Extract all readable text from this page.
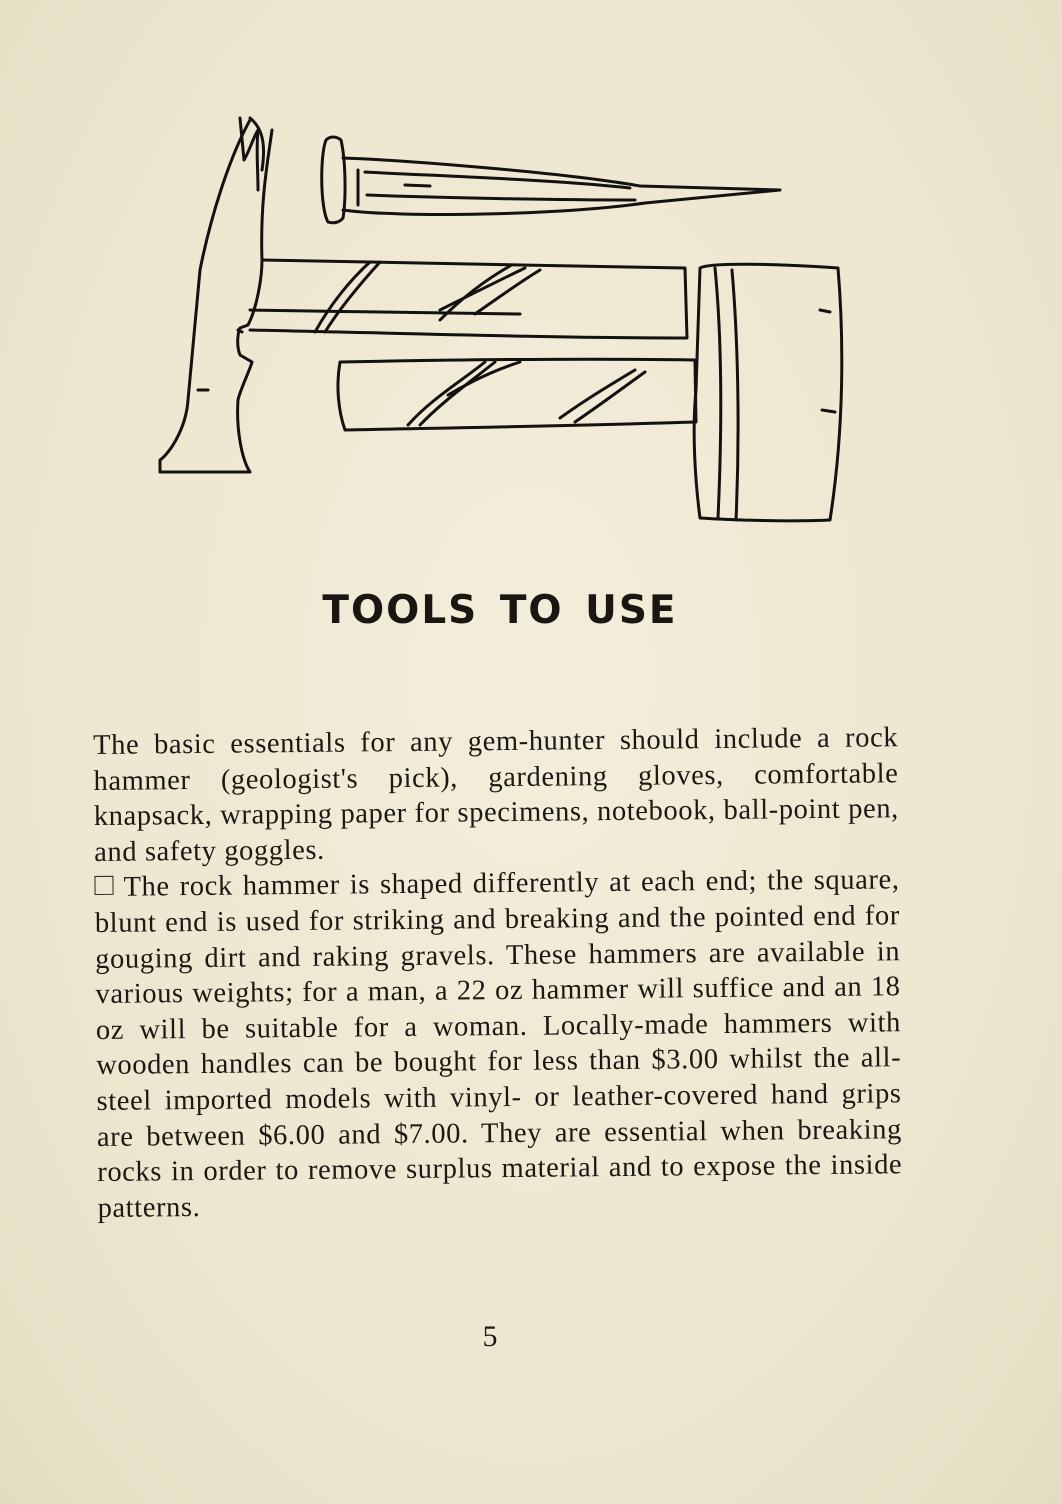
TOOLS TO USE

The basic essentials for any gem-hunter should include a rock hammer (geologist's pick), gardening gloves, comfortable knapsack, wrapping paper for specimens, notebook, ball-point pen, and safety goggles.

The rock hammer is shaped differently at each end; the square, blunt end is used for striking and breaking and the pointed end for gouging dirt and raking gravels. These hammers are available in various weights; for a man, a 22 oz hammer will suffice and an 18 oz will be suitable for a woman. Locally-made hammers with wooden handles can be bought for less than $3.00 whilst the all-steel imported models with vinyl- or leather-covered hand grips are between $6.00 and $7.00. They are essential when breaking rocks in order to remove surplus material and to expose the inside patterns.

5
